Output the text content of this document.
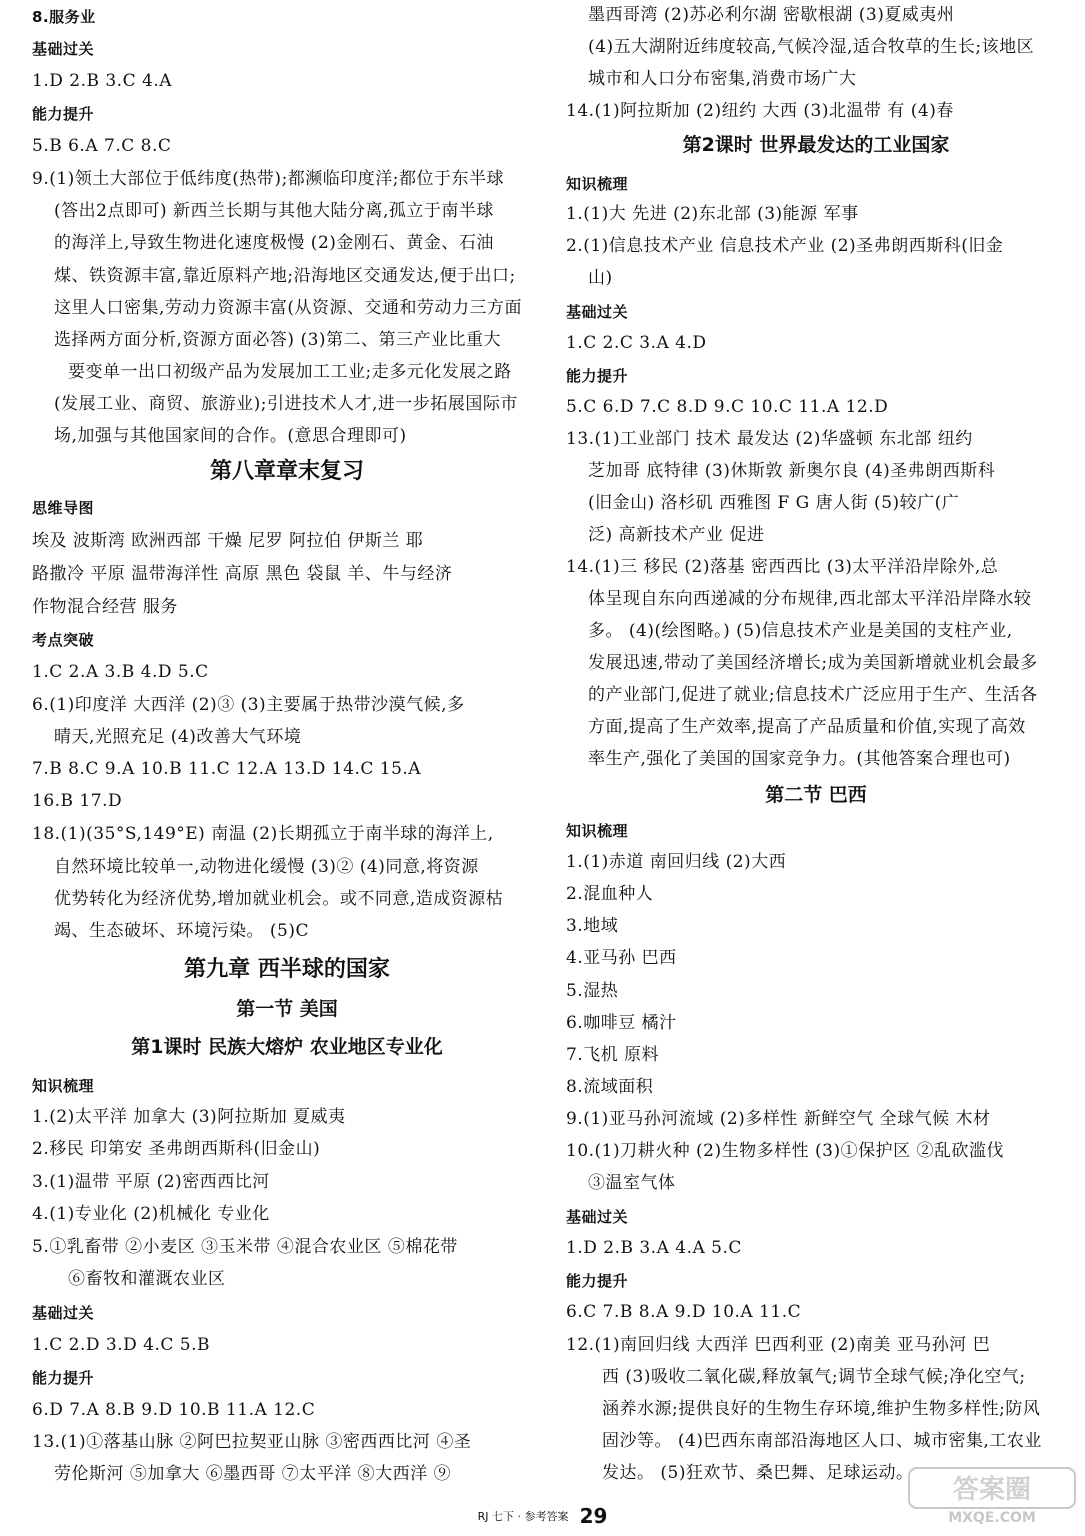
8.服务业
基础过关
1.D 2.B 3.C 4.A
能力提升
5.B 6.A 7.C 8.C
9.(1)领土大部位于低纬度(热带);都濒临印度洋;都位于东半球
(答出2点即可) 新西兰长期与其他大陆分离,孤立于南半球
的海洋上,导致生物进化速度极慢 (2)金刚石、黄金、石油
煤、铁资源丰富,靠近原料产地;沿海地区交通发达,便于出口;
这里人口密集,劳动力资源丰富(从资源、交通和劳动力三方面
选择两方面分析,资源方面必答) (3)第二、第三产业比重大
要变单一出口初级产品为发展加工工业;走多元化发展之路
(发展工业、商贸、旅游业);引进技术人才,进一步拓展国际市
场,加强与其他国家间的合作。(意思合理即可)
第八章章末复习
思维导图
埃及 波斯湾 欧洲西部 干燥 尼罗 阿拉伯 伊斯兰 耶
路撒冷 平原 温带海洋性 高原 黑色 袋鼠 羊、牛与经济
作物混合经营 服务
考点突破
1.C 2.A 3.B 4.D 5.C
6.(1)印度洋 大西洋 (2)③ (3)主要属于热带沙漠气候,多
晴天,光照充足 (4)改善大气环境
7.B 8.C 9.A 10.B 11.C 12.A 13.D 14.C 15.A
16.B 17.D
18.(1)(35°S,149°E) 南温 (2)长期孤立于南半球的海洋上,
自然环境比较单一,动物进化缓慢 (3)② (4)同意,将资源
优势转化为经济优势,增加就业机会。或不同意,造成资源枯
竭、生态破坏、环境污染。 (5)C
第九章 西半球的国家
第一节 美国
第1课时 民族大熔炉 农业地区专业化
知识梳理
1.(2)太平洋 加拿大 (3)阿拉斯加 夏威夷
2.移民 印第安 圣弗朗西斯科(旧金山)
3.(1)温带 平原 (2)密西西比河
4.(1)专业化 (2)机械化 专业化
5.①乳畜带 ②小麦区 ③玉米带 ④混合农业区 ⑤棉花带
⑥畜牧和灌溉农业区
基础过关
1.C 2.D 3.D 4.C 5.B
能力提升
6.D 7.A 8.B 9.D 10.B 11.A 12.C
13.(1)①落基山脉 ②阿巴拉契亚山脉 ③密西西比河 ④圣
劳伦斯河 ⑤加拿大 ⑥墨西哥 ⑦太平洋 ⑧大西洋 ⑨
墨西哥湾 (2)苏必利尔湖 密歇根湖 (3)夏威夷州
(4)五大湖附近纬度较高,气候冷湿,适合牧草的生长;该地区
城市和人口分布密集,消费市场广大
14.(1)阿拉斯加 (2)纽约 大西 (3)北温带 有 (4)春
第2课时 世界最发达的工业国家
知识梳理
1.(1)大 先进 (2)东北部 (3)能源 军事
2.(1)信息技术产业 信息技术产业 (2)圣弗朗西斯科(旧金
山)
基础过关
1.C 2.C 3.A 4.D
能力提升
5.C 6.D 7.C 8.D 9.C 10.C 11.A 12.D
13.(1)工业部门 技术 最发达 (2)华盛顿 东北部 纽约
芝加哥 底特律 (3)休斯敦 新奥尔良 (4)圣弗朗西斯科
(旧金山) 洛杉矶 西雅图 F G 唐人街 (5)较广(广
泛) 高新技术产业 促进
14.(1)三 移民 (2)落基 密西西比 (3)太平洋沿岸除外,总
体呈现自东向西递减的分布规律,西北部太平洋沿岸降水较
多。 (4)(绘图略。) (5)信息技术产业是美国的支柱产业,
发展迅速,带动了美国经济增长;成为美国新增就业机会最多
的产业部门,促进了就业;信息技术广泛应用于生产、生活各
方面,提高了生产效率,提高了产品质量和价值,实现了高效
率生产,强化了美国的国家竞争力。(其他答案合理也可)
第二节 巴西
知识梳理
1.(1)赤道 南回归线 (2)大西
2.混血种人
3.地域
4.亚马孙 巴西
5.湿热
6.咖啡豆 橘汁
7.飞机 原料
8.流域面积
9.(1)亚马孙河流域 (2)多样性 新鲜空气 全球气候 木材
10.(1)刀耕火种 (2)生物多样性 (3)①保护区 ②乱砍滥伐
③温室气体
基础过关
1.D 2.B 3.A 4.A 5.C
能力提升
6.C 7.B 8.A 9.D 10.A 11.C
12.(1)南回归线 大西洋 巴西利亚 (2)南美 亚马孙河 巴
西 (3)吸收二氧化碳,释放氧气;调节全球气候;净化空气;
涵养水源;提供良好的生物生存环境,维护生物多样性;防风
固沙等。 (4)巴西东南部沿海地区人口、城市密集,工农业
发达。 (5)狂欢节、桑巴舞、足球运动。
RJ 七下 · 参考答案 29
答案圈
MXQE.COM
